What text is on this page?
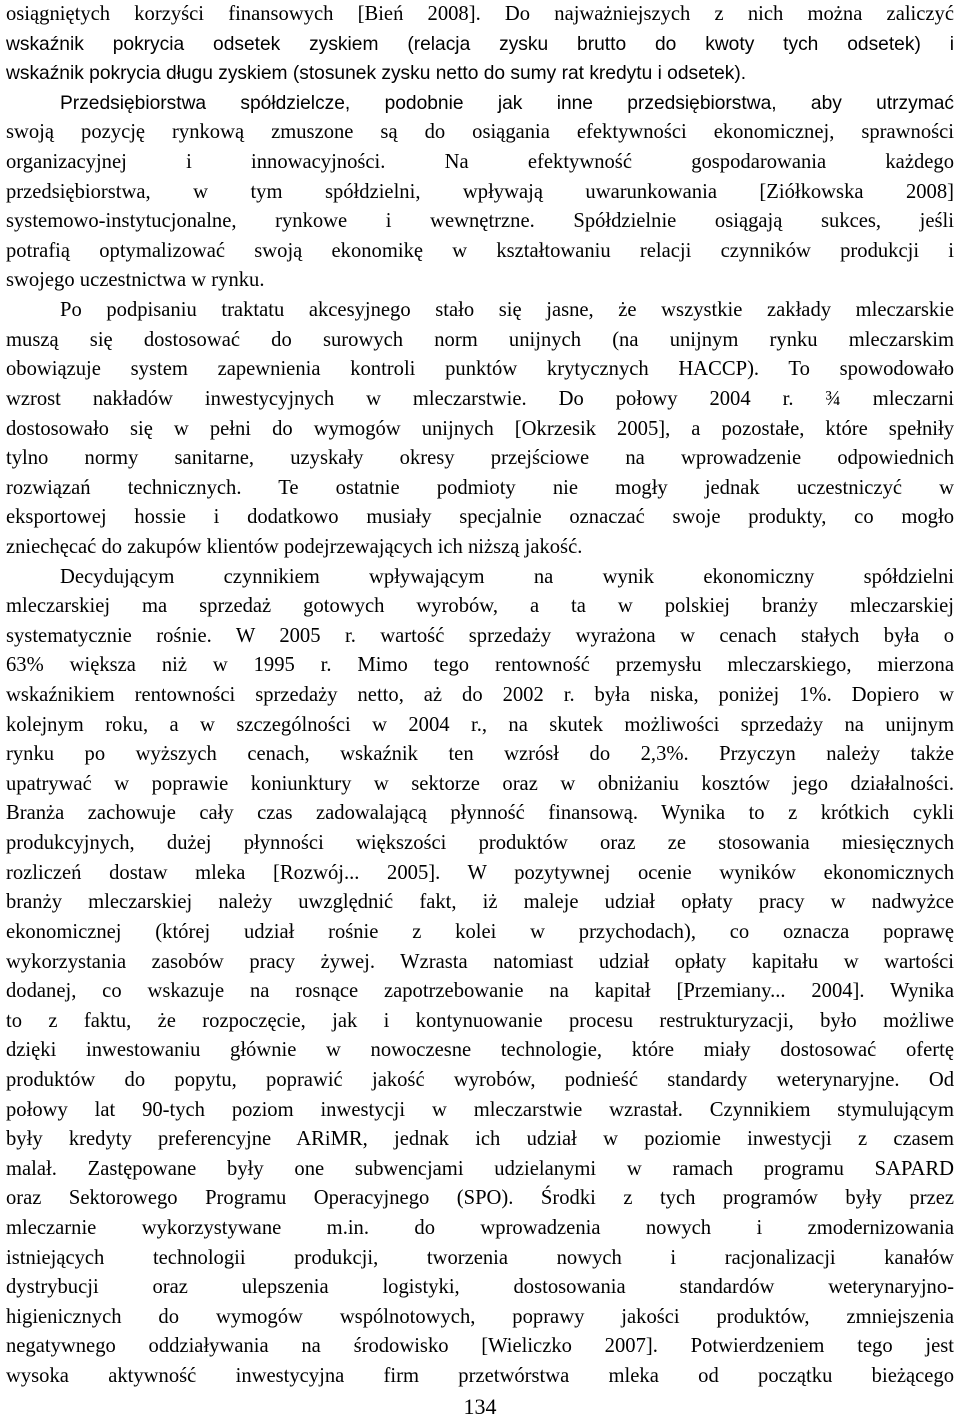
osiągniętych korzyści finansowych [Bień 2008]. Do najważniejszych z nich można zaliczyć
wskaźnik pokrycia odsetek zyskiem (relacja zysku brutto do kwoty tych odsetek) i
wskaźnik pokrycia długu zyskiem (stosunek zysku netto do sumy rat kredytu i odsetek).
Przedsiębiorstwa spółdzielcze, podobnie jak inne przedsiębiorstwa, aby utrzymać
swoją pozycję rynkową zmuszone są do osiągania efektywności ekonomicznej, sprawności
organizacyjnej i innowacyjności. Na efektywność gospodarowania każdego
przedsiębiorstwa, w tym spółdzielni, wpływają uwarunkowania [Ziółkowska 2008]
systemowo-instytucjonalne, rynkowe i wewnętrzne. Spółdzielnie osiągają sukces, jeśli
potrafią optymalizować swoją ekonomikę w kształtowaniu relacji czynników produkcji i
swojego uczestnictwa w rynku.
Po podpisaniu traktatu akcesyjnego stało się jasne, że wszystkie zakłady mleczarskie
muszą się dostosować do surowych norm unijnych (na unijnym rynku mleczarskim
obowiązuje system zapewnienia kontroli punktów krytycznych HACCP). To spowodowało
wzrost nakładów inwestycyjnych w mleczarstwie. Do połowy 2004 r. ¾ mleczarni
dostosowało się w pełni do wymogów unijnych [Okrzesik 2005], a pozostałe, które spełniły
tylno normy sanitarne, uzyskały okresy przejściowe na wprowadzenie odpowiednich
rozwiązań technicznych. Te ostatnie podmioty nie mogły jednak uczestniczyć w
eksportowej hossie i dodatkowo musiały specjalnie oznaczać swoje produkty, co mogło
zniechęcać do zakupów klientów podejrzewających ich niższą jakość.
Decydującym czynnikiem wpływającym na wynik ekonomiczny spółdzielni
mleczarskiej ma sprzedaż gotowych wyrobów, a ta w polskiej branży mleczarskiej
systematycznie rośnie. W 2005 r. wartość sprzedaży wyrażona w cenach stałych była o
63% większa niż w 1995 r. Mimo tego rentowność przemysłu mleczarskiego, mierzona
wskaźnikiem rentowności sprzedaży netto, aż do 2002 r. była niska, poniżej 1%. Dopiero w
kolejnym roku, a w szczególności w 2004 r., na skutek możliwości sprzedaży na unijnym
rynku po wyższych cenach, wskaźnik ten wzrósł do 2,3%. Przyczyn należy także
upatrywać w poprawie koniunktury w sektorze oraz w obniżaniu kosztów jego działalności.
Branża zachowuje cały czas zadowalającą płynność finansową. Wynika to z krótkich cykli
produkcyjnych, dużej płynności większości produktów oraz ze stosowania miesięcznych
rozliczeń dostaw mleka [Rozwój... 2005]. W pozytywnej ocenie wyników ekonomicznych
branży mleczarskiej należy uwzględnić fakt, iż maleje udział opłaty pracy w nadwyżce
ekonomicznej (której udział rośnie z kolei w przychodach), co oznacza poprawę
wykorzystania zasobów pracy żywej. Wzrasta natomiast udział opłaty kapitału w wartości
dodanej, co wskazuje na rosnące zapotrzebowanie na kapitał [Przemiany... 2004]. Wynika
to z faktu, że rozpoczęcie, jak i kontynuowanie procesu restrukturyzacji, było możliwe
dzięki inwestowaniu głównie w nowoczesne technologie, które miały dostosować ofertę
produktów do popytu, poprawić jakość wyrobów, podnieść standardy weterynaryjne. Od
połowy lat 90-tych poziom inwestycji w mleczarstwie wzrastał. Czynnikiem stymulującym
były kredyty preferencyjne ARiMR, jednak ich udział w poziomie inwestycji z czasem
malał. Zastępowane były one subwencjami udzielanymi w ramach programu SAPARD
oraz Sektorowego Programu Operacyjnego (SPO). Środki z tych programów były przez
mleczarnie wykorzystywane m.in. do wprowadzenia nowych i zmodernizowania
istniejących technologii produkcji, tworzenia nowych i racjonalizacji kanałów
dystrybucji oraz ulepszenia logistyki, dostosowania standardów weterynaryjno-
higienicznych do wymogów wspólnotowych, poprawy jakości produktów, zmniejszenia
negatywnego oddziaływania na środowisko [Wieliczko 2007]. Potwierdzeniem tego jest
wysoka aktywność inwestycyjna firm przetwórstwa mleka od początku bieżącego
134
